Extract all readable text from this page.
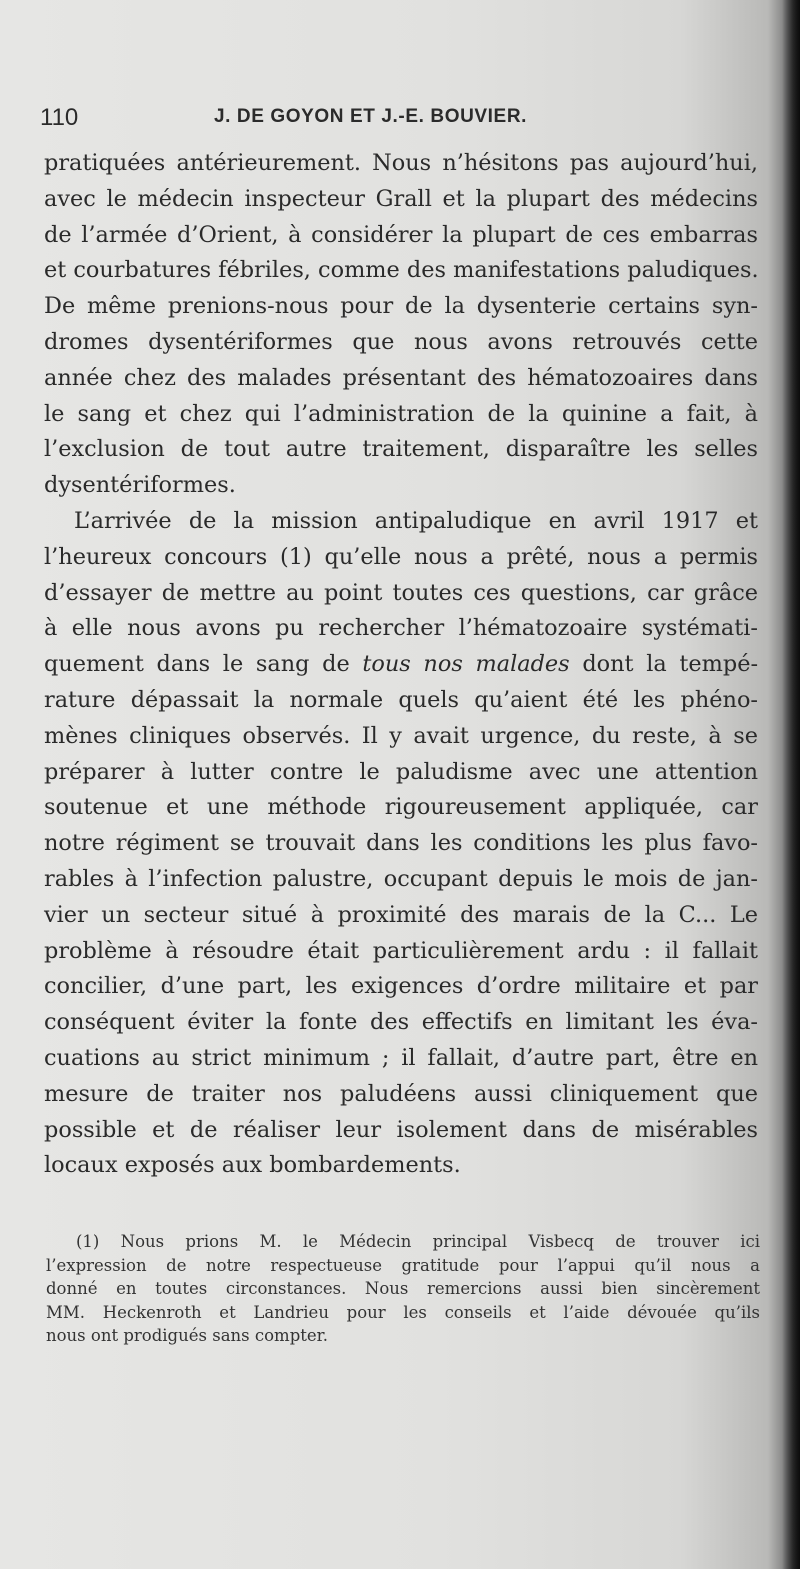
110	J. DE GOYON ET J.-E. BOUVIER.
pratiquées antérieurement. Nous n’hésitons pas aujourd’hui,
avec le médecin inspecteur Grall et la plupart des médecins
de l’armée d’Orient, à considérer la plupart de ces embarras
et courbatures fébriles, comme des manifestations paludiques.
De même prenions-nous pour de la dysenterie certains syn-
dromes dysentériformes que nous avons retrouvés cette
année chez des malades présentant des hématozoaires dans
le sang et chez qui l’administration de la quinine a fait, à
l’exclusion de tout autre traitement, disparaître les selles
dysentériformes.
L’arrivée de la mission antipaludique en avril 1917 et
l’heureux concours (1) qu’elle nous a prêté, nous a permis
d’essayer de mettre au point toutes ces questions, car grâce
à elle nous avons pu rechercher l’hématozoaire systémati-
quement dans le sang de tous nos malades dont la tempé-
rature dépassait la normale quels qu’aient été les phéno-
mènes cliniques observés. Il y avait urgence, du reste, à se
préparer à lutter contre le paludisme avec une attention
soutenue et une méthode rigoureusement appliquée, car
notre régiment se trouvait dans les conditions les plus favo-
rables à l’infection palustre, occupant depuis le mois de jan-
vier un secteur situé à proximité des marais de la C... Le
problème à résoudre était particulièrement ardu : il fallait
concilier, d’une part, les exigences d’ordre militaire et par
conséquent éviter la fonte des effectifs en limitant les éva-
cuations au strict minimum ; il fallait, d’autre part, être en
mesure de traiter nos paludéens aussi cliniquement que
possible et de réaliser leur isolement dans de misérables
locaux exposés aux bombardements.
(1) Nous prions M. le Médecin principal Visbecq de trouver ici
l’expression de notre respectueuse gratitude pour l’appui qu’il nous a
donné en toutes circonstances. Nous remercions aussi bien sincèrement
MM. Heckenroth et Landrieu pour les conseils et l’aide dévouée qu’ils
nous ont prodigués sans compter.
